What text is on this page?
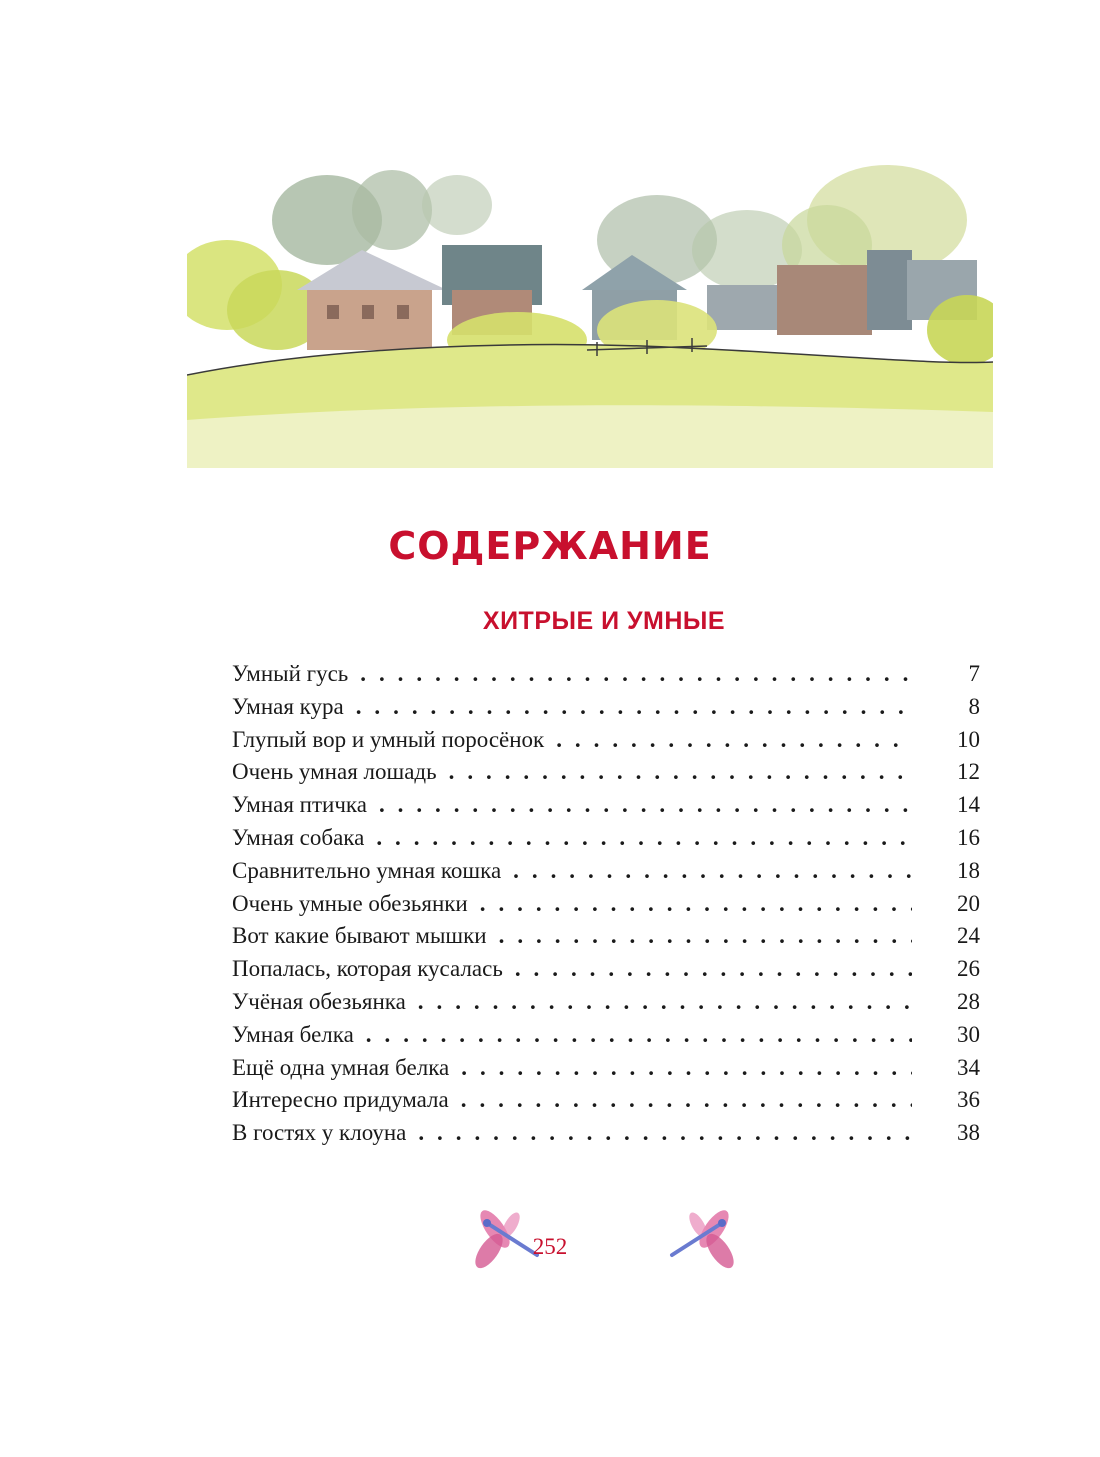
СОДЕРЖАНИЕ
ХИТРЫЕ И УМНЫЕ
Умный гусь . . .	7
Умная кура . . .	8
Глупый вор и умный поросёнок . . .	10
Очень умная лошадь . . .	12
Умная птичка . . .	14
Умная собака . . .	16
Сравнительно умная кошка . . .	18
Очень умные обезьянки . . .	20
Вот какие бывают мышки . . .	24
Попалась, которая кусалась . . .	26
Учёная обезьянка . . .	28
Умная белка . . .	30
Ещё одна умная белка . . .	34
Интересно придумала . . .	36
В гостях у клоуна . . .	38
252
